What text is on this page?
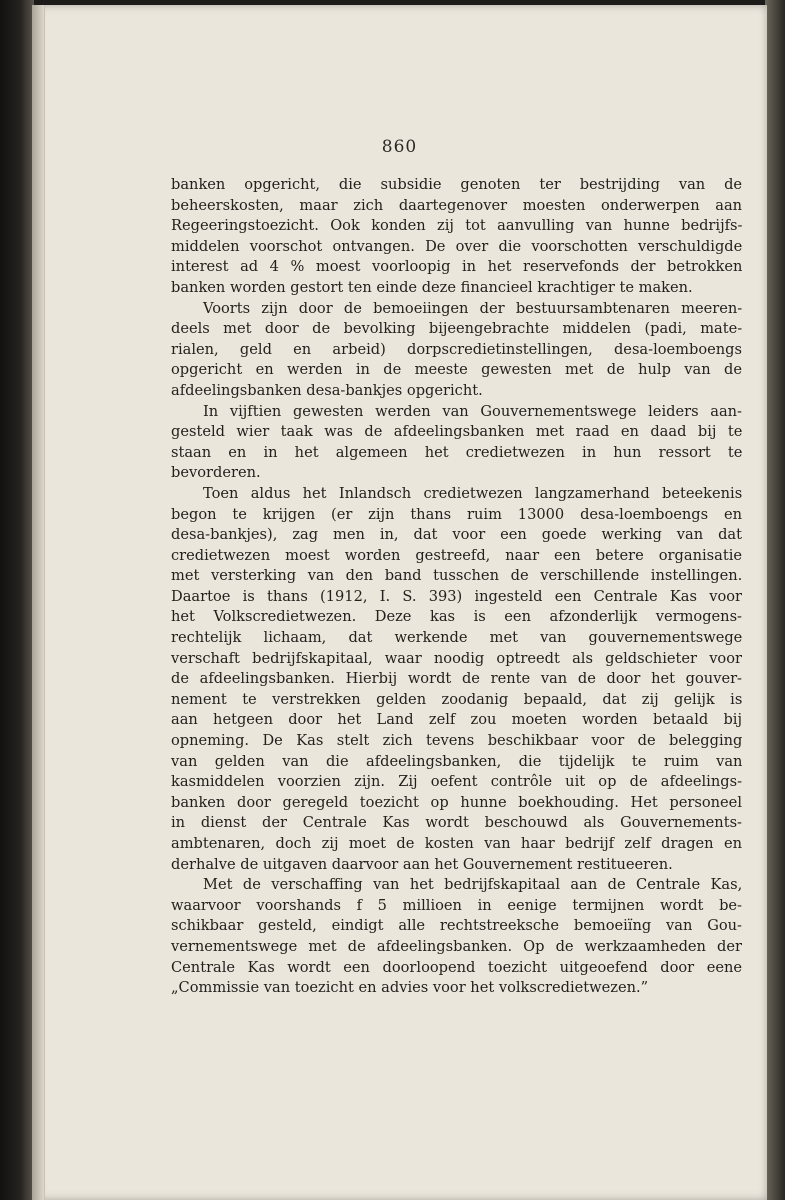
860
banken opgericht, die subsidie genoten ter bestrijding van de
beheerskosten, maar zich daartegenover moesten onderwerpen aan
Regeeringstoezicht. Ook konden zij tot aanvulling van hunne bedrijfs-
middelen voorschot ontvangen. De over die voorschotten verschuldigde
interest ad 4 % moest voorloopig in het reservefonds der betrokken
banken worden gestort ten einde deze financieel krachtiger te maken.
Voorts zijn door de bemoeiingen der bestuursambtenaren meeren-
deels met door de bevolking bijeengebrachte middelen (padi, mate-
rialen, geld en arbeid) dorpscredietinstellingen, desa-loemboengs
opgericht en werden in de meeste gewesten met de hulp van de
afdeelingsbanken desa-bankjes opgericht.
In vijftien gewesten werden van Gouvernementswege leiders aan-
gesteld wier taak was de afdeelingsbanken met raad en daad bij te
staan en in het algemeen het credietwezen in hun ressort te
bevorderen.
Toen aldus het Inlandsch credietwezen langzamerhand beteekenis
begon te krijgen (er zijn thans ruim 13000 desa-loemboengs en
desa-bankjes), zag men in, dat voor een goede werking van dat
credietwezen moest worden gestreefd, naar een betere organisatie
met versterking van den band tusschen de verschillende instellingen.
Daartoe is thans (1912, I. S. 393) ingesteld een Centrale Kas voor
het Volkscredietwezen. Deze kas is een afzonderlijk vermogens-
rechtelijk lichaam, dat werkende met van gouvernementswege
verschaft bedrijfskapitaal, waar noodig optreedt als geldschieter voor
de afdeelingsbanken. Hierbij wordt de rente van de door het gouver-
nement te verstrekken gelden zoodanig bepaald, dat zij gelijk is
aan hetgeen door het Land zelf zou moeten worden betaald bij
opneming. De Kas stelt zich tevens beschikbaar voor de belegging
van gelden van die afdeelingsbanken, die tijdelijk te ruim van
kasmiddelen voorzien zijn. Zij oefent contrôle uit op de afdeelings-
banken door geregeld toezicht op hunne boekhouding. Het personeel
in dienst der Centrale Kas wordt beschouwd als Gouvernements-
ambtenaren, doch zij moet de kosten van haar bedrijf zelf dragen en
derhalve de uitgaven daarvoor aan het Gouvernement restitueeren.
Met de verschaffing van het bedrijfskapitaal aan de Centrale Kas,
waarvoor voorshands f 5 millioen in eenige termijnen wordt be-
schikbaar gesteld, eindigt alle rechtstreeksche bemoeiïng van Gou-
vernementswege met de afdeelingsbanken. Op de werkzaamheden der
Centrale Kas wordt een doorloopend toezicht uitgeoefend door eene
„Commissie van toezicht en advies voor het volkscredietwezen.”
